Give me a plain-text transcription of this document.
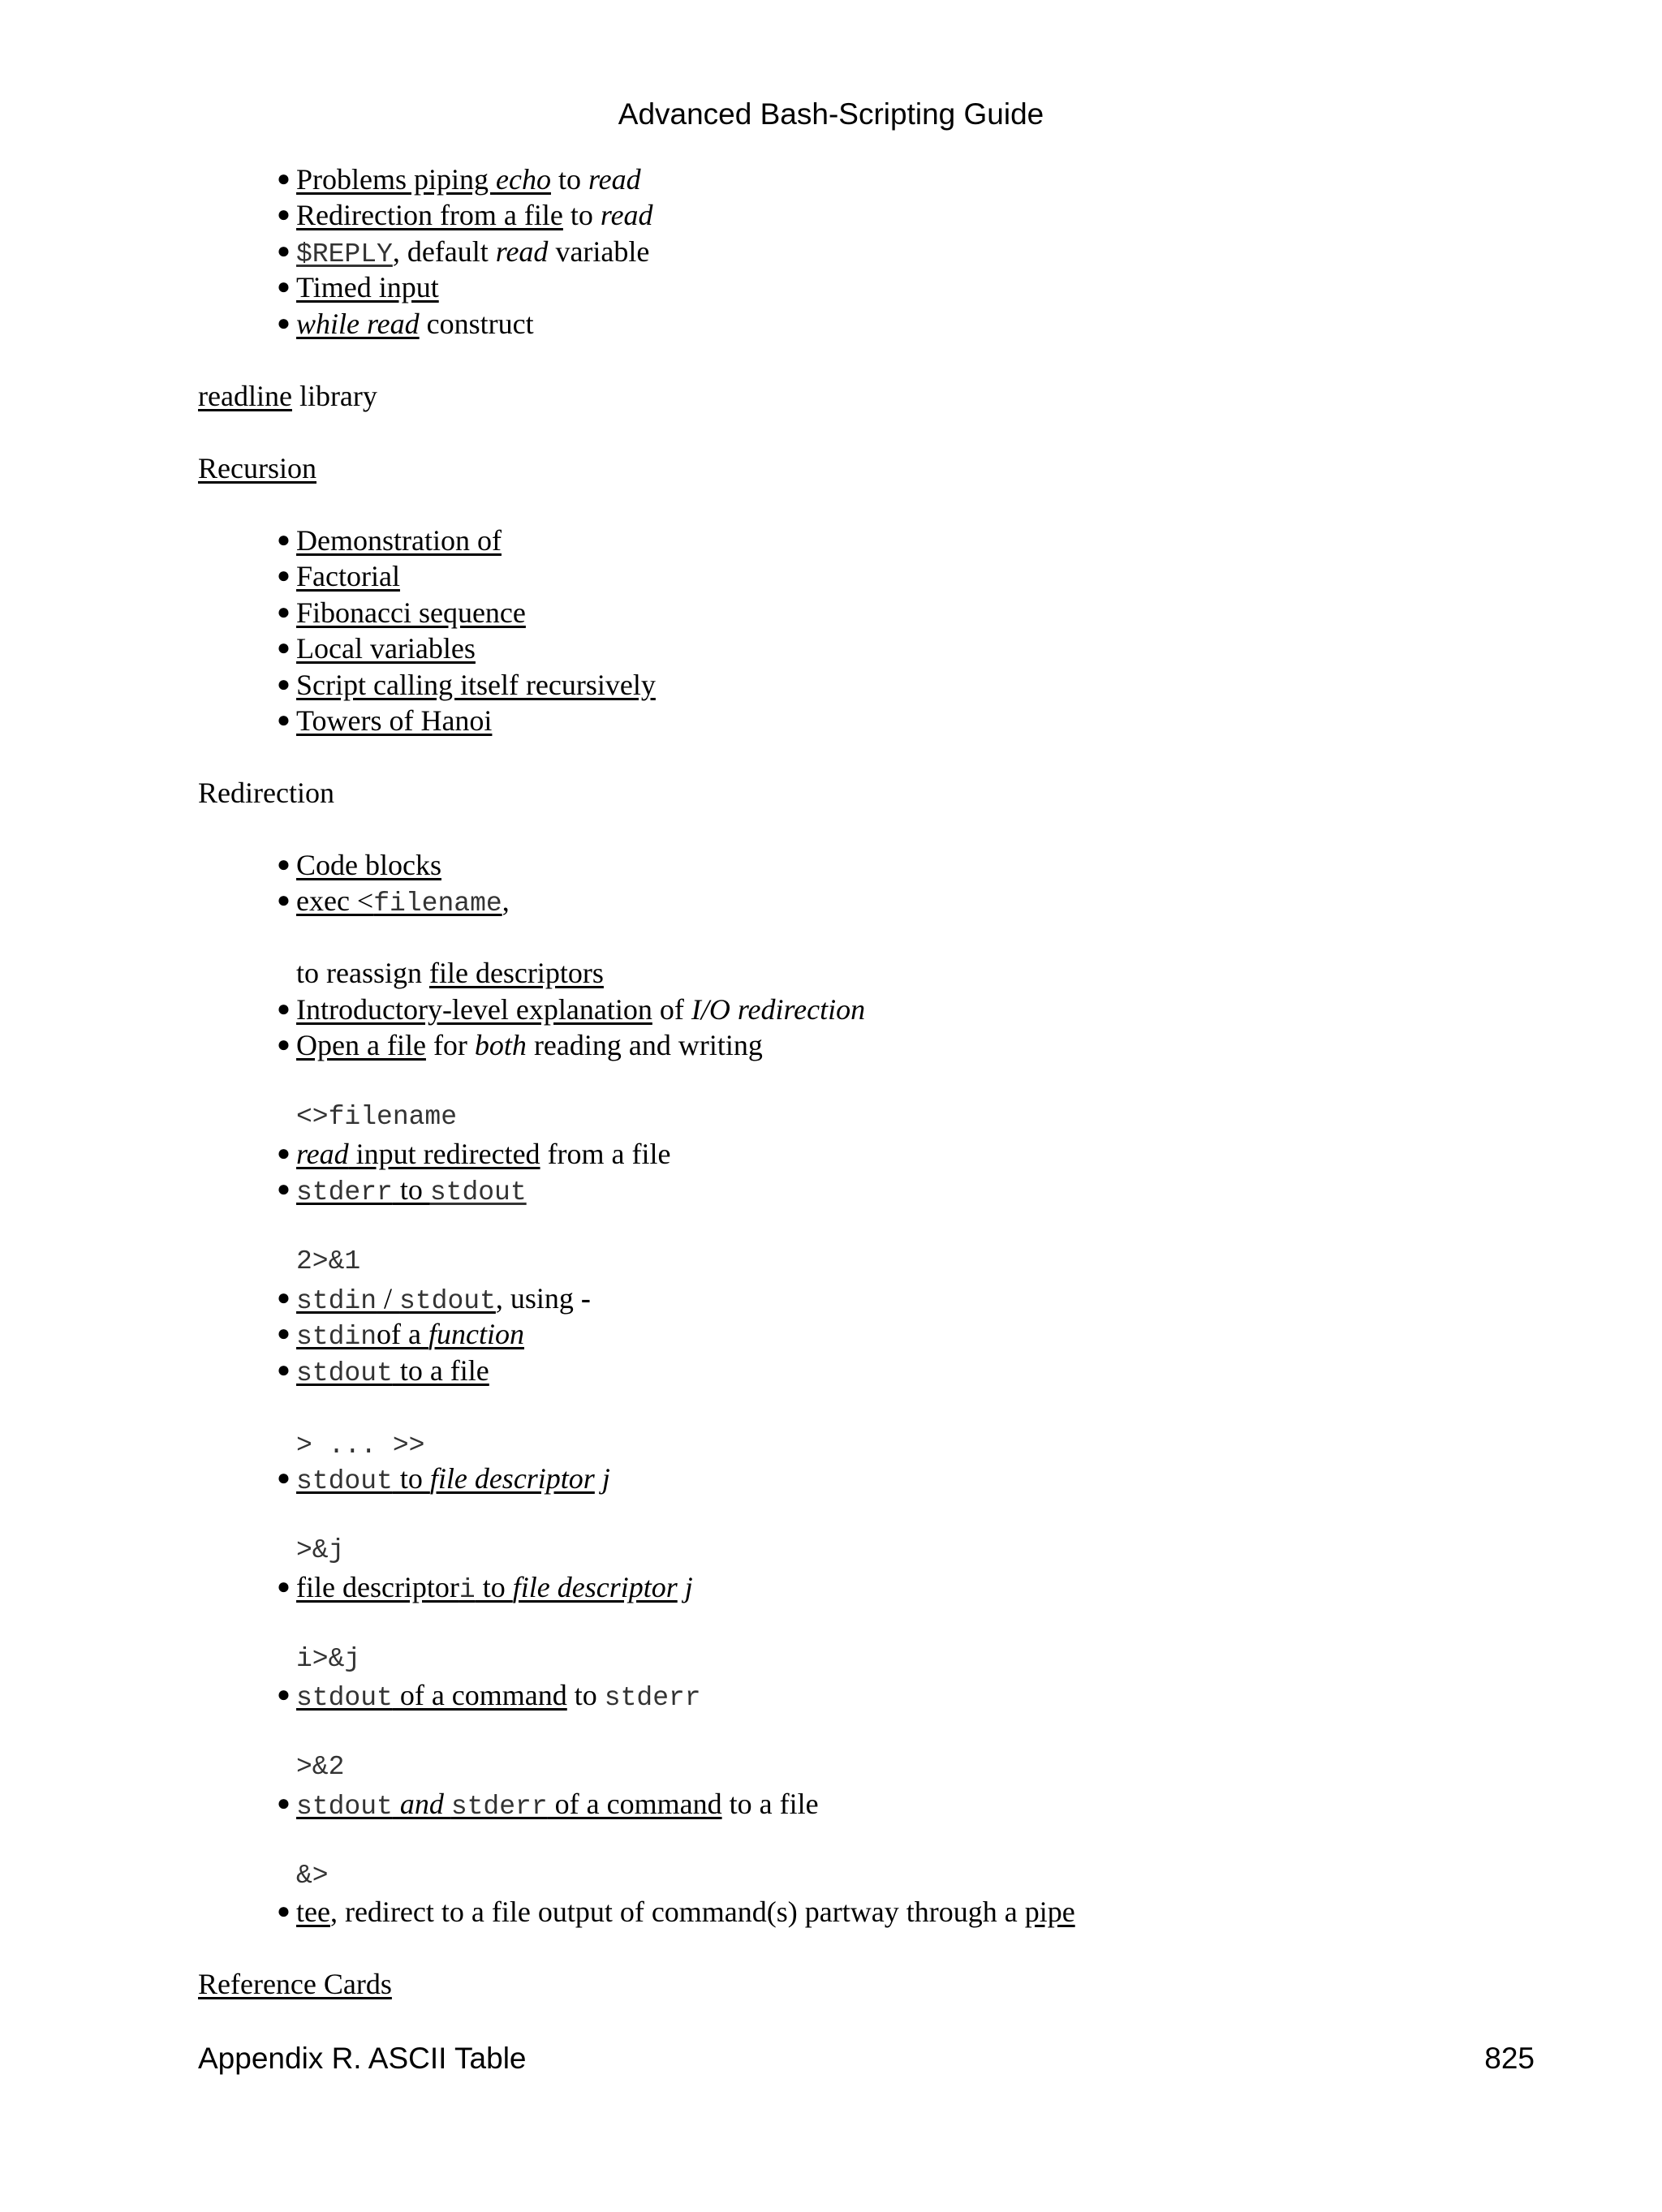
Advanced Bash-Scripting Guide
● Problems piping echo to read
● Redirection from a file to read
● $REPLY, default read variable
● Timed input
● while read construct
readline library
Recursion
● Demonstration of
● Factorial
● Fibonacci sequence
● Local variables
● Script calling itself recursively
● Towers of Hanoi
Redirection
● Code blocks
● exec <filename,
to reassign file descriptors
● Introductory-level explanation of I/O redirection
● Open a file for both reading and writing
<>filename
● read input redirected from a file
● stderr to stdout
2>&1
● stdin / stdout, using -
● stdinof a function
● stdout to a file
> ... >>
● stdout to file descriptor j
>&j
● file descriptori to file descriptor j
i>&j
● stdout of a command to stderr
>&2
● stdout and stderr of a command to a file
&>
● tee, redirect to a file output of command(s) partway through a pipe
Reference Cards
Appendix R. ASCII Table	825
